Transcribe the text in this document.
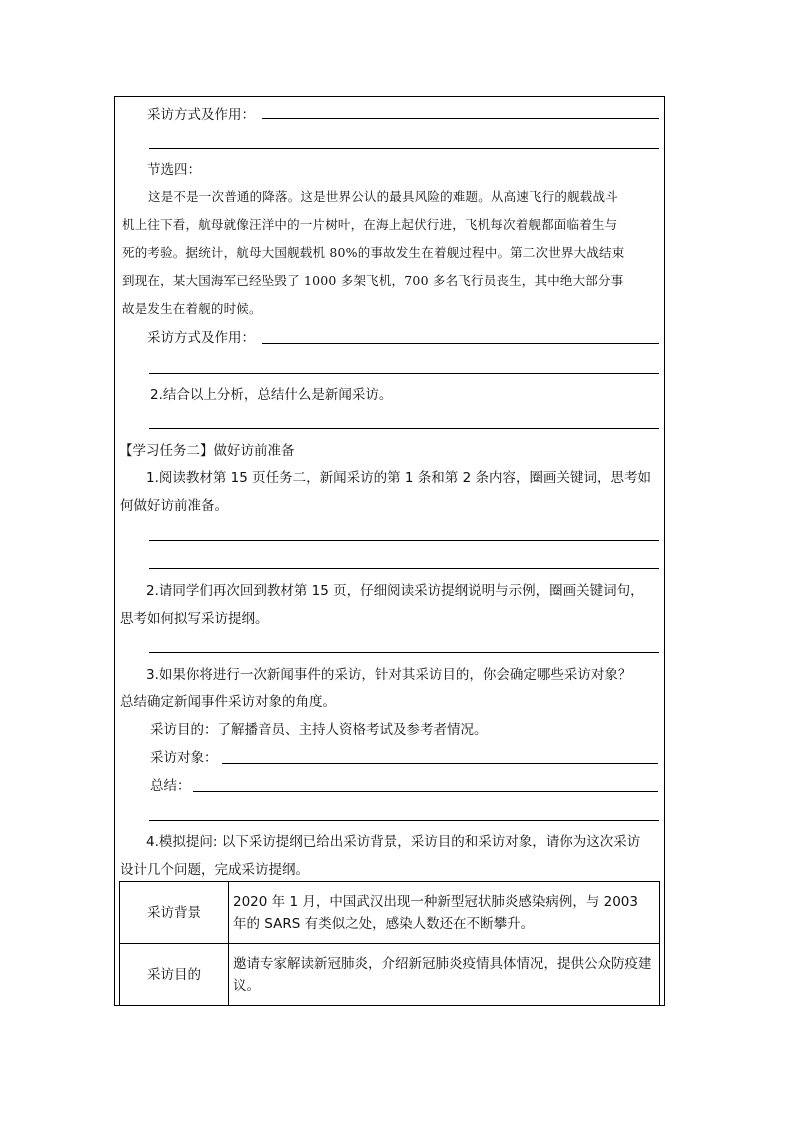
采访方式及作用：
节选四：
这是不是一次普通的降落。这是世界公认的最具风险的难题。从高速飞行的舰载战斗
机上往下看，航母就像汪洋中的一片树叶，在海上起伏行进，飞机每次着舰都面临着生与
死的考验。据统计，航母大国舰载机 80%的事故发生在着舰过程中。第二次世界大战结束
到现在，某大国海军已经坠毁了 1000 多架飞机，700 多名飞行员丧生，其中绝大部分事
故是发生在着舰的时候。
采访方式及作用：
2.结合以上分析，总结什么是新闻采访。
【学习任务二】做好访前准备
1.阅读教材第 15 页任务二，新闻采访的第 1 条和第 2 条内容，圈画关键词，思考如
何做好访前准备。
2.请同学们再次回到教材第 15 页，仔细阅读采访提纲说明与示例，圈画关键词句，
思考如何拟写采访提纲。
3.如果你将进行一次新闻事件的采访，针对其采访目的，你会确定哪些采访对象？
总结确定新闻事件采访对象的角度。
采访目的：了解播音员、主持人资格考试及参考者情况。
采访对象：
总结：
4.模拟提问: 以下采访提纲已给出采访背景，采访目的和采访对象，请你为这次采访
设计几个问题，完成采访提纲。
采访背景	2020 年 1 月，中国武汉出现一种新型冠状肺炎感染病例，与 2003 年的 SARS 有类似之处，感染人数还在不断攀升。
采访目的	邀请专家解读新冠肺炎，介绍新冠肺炎疫情具体情况，提供公众防疫建议。
